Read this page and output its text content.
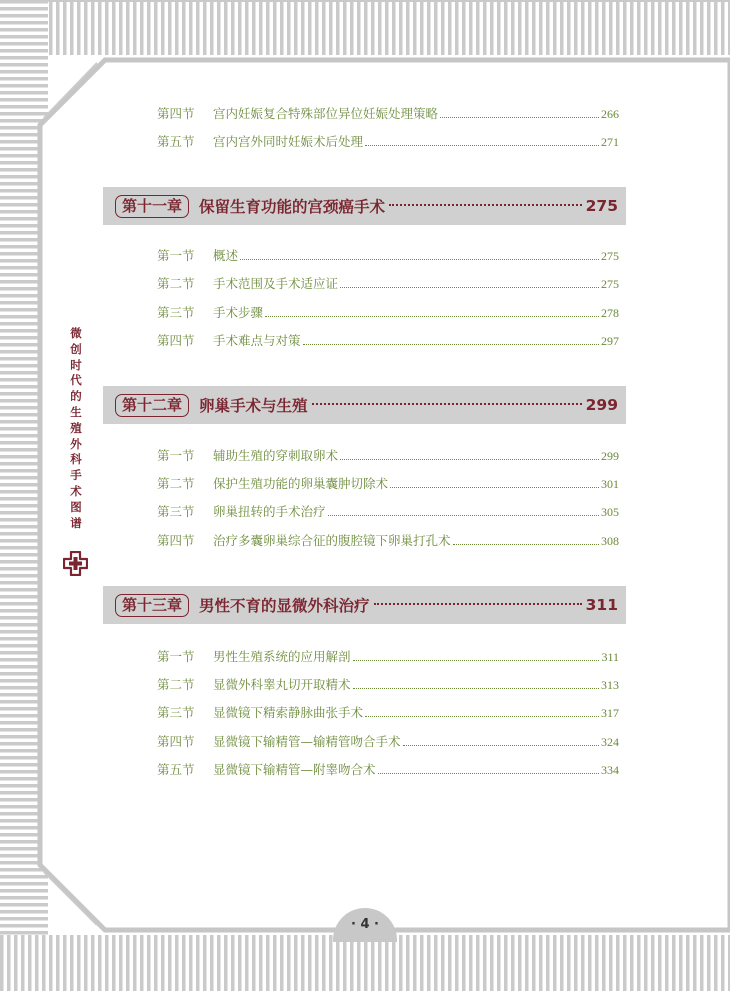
微创时代的生殖外科手术图谱
第四节	宫内妊娠复合特殊部位异位妊娠处理策略	266
第五节	宫内宫外同时妊娠术后处理	271
第十一章	保留生育功能的宫颈癌手术	275
第一节	概述	275
第二节	手术范围及手术适应证	275
第三节	手术步骤	278
第四节	手术难点与对策	297
第十二章	卵巢手术与生殖	299
第一节	辅助生殖的穿刺取卵术	299
第二节	保护生殖功能的卵巢囊肿切除术	301
第三节	卵巢扭转的手术治疗	305
第四节	治疗多囊卵巢综合征的腹腔镜下卵巢打孔术	308
第十三章	男性不育的显微外科治疗	311
第一节	男性生殖系统的应用解剖	311
第二节	显微外科睾丸切开取精术	313
第三节	显微镜下精索静脉曲张手术	317
第四节	显微镜下输精管—输精管吻合手术	324
第五节	显微镜下输精管—附睾吻合术	334
· 4 ·
